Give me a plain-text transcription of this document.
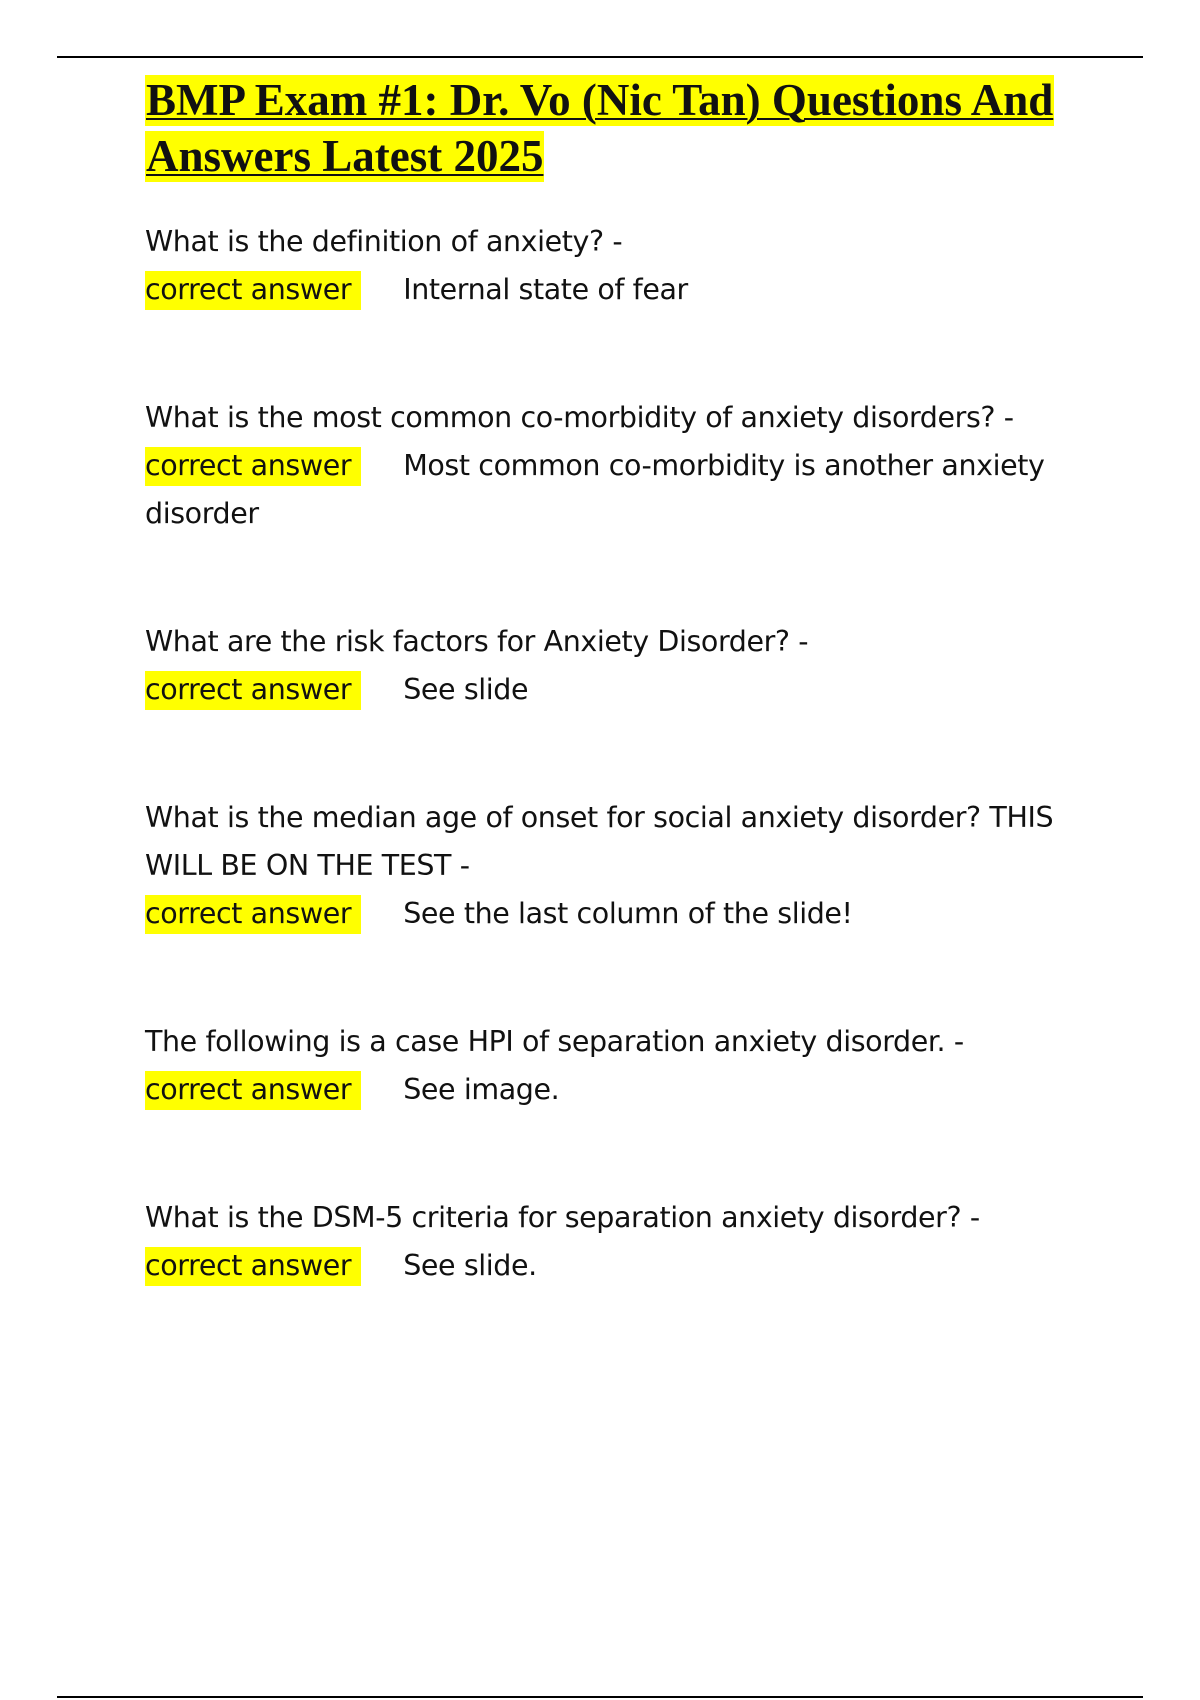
BMP Exam #1: Dr. Vo (Nic Tan) Questions And Answers Latest 2025

What is the definition of anxiety? -

correct answer Internal state of fear

What is the most common co-morbidity of anxiety disorders? -

correct answer Most common co-morbidity is another anxiety disorder

What are the risk factors for Anxiety Disorder? -

correct answer See slide

What is the median age of onset for social anxiety disorder? THIS WILL BE ON THE TEST -

correct answer See the last column of the slide!

The following is a case HPI of separation anxiety disorder. -

correct answer See image.

What is the DSM-5 criteria for separation anxiety disorder? -

correct answer See slide.
